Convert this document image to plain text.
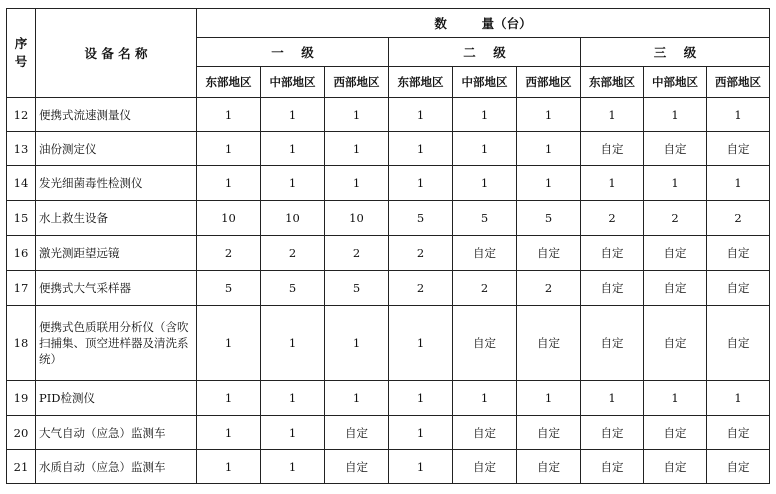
序号	设 备 名 称	数        量（台）								
		一    级			二    级			三    级		
		东部地区	中部地区	西部地区	东部地区	中部地区	西部地区	东部地区	中部地区	西部地区
12	便携式流速测量仪	1	1	1	1	1	1	1	1	1
13	油份测定仪	1	1	1	1	1	1	自定	自定	自定
14	发光细菌毒性检测仪	1	1	1	1	1	1	1	1	1
15	水上救生设备	10	10	10	5	5	5	2	2	2
16	激光测距望远镜	2	2	2	2	自定	自定	自定	自定	自定
17	便携式大气采样器	5	5	5	2	2	2	自定	自定	自定
18	便携式色质联用分析仪（含吹扫捕集、顶空进样器及清洗系统）	1	1	1	1	自定	自定	自定	自定	自定
19	PID检测仪	1	1	1	1	1	1	1	1	1
20	大气自动（应急）监测车	1	1	自定	1	自定	自定	自定	自定	自定
21	水质自动（应急）监测车	1	1	自定	1	自定	自定	自定	自定	自定
